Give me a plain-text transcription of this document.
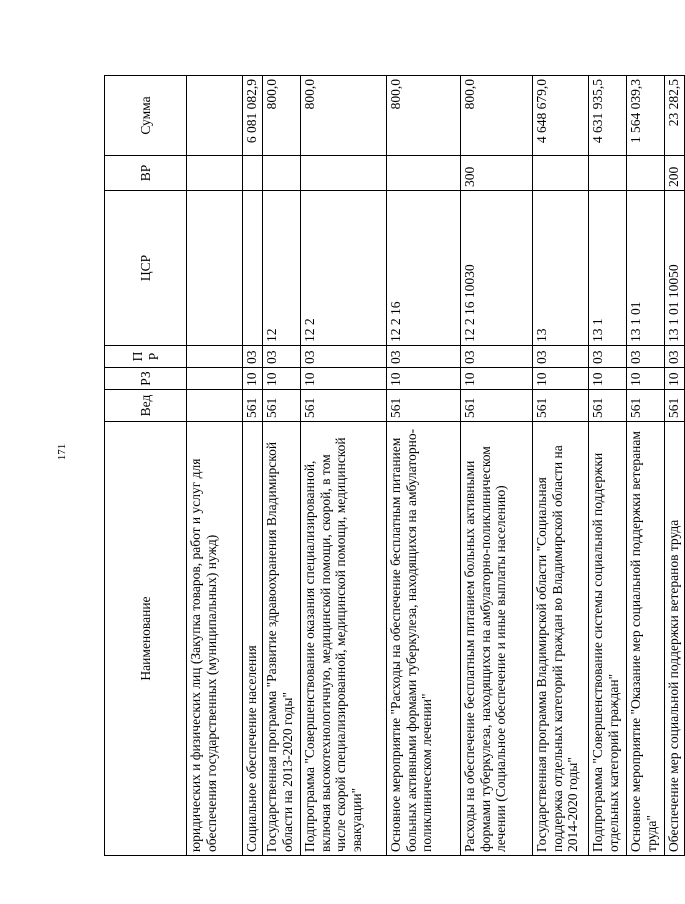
171
Наименование	Вед	РЗ	ПР	ЦСР	ВР	Сумма
юридических и физических лиц (Закупка товаров, работ и услуг для обеспечения государственных (муниципальных) нужд)						
Социальное обеспечение населения	561	10	03			6 081 082,9
Государственная программа "Развитие здравоохранения Владимирской области на 2013-2020 годы"	561	10	03	12		800,0
Подпрограмма "Совершенствование оказания специализированной, включая высокотехнологичную, медицинской помощи, скорой, в том числе скорой специализированной, медицинской помощи, медицинской эвакуации"	561	10	03	12 2		800,0
Основное мероприятие "Расходы на обеспечение бесплатным питанием больных активными формами туберкулеза, находящихся на амбулаторно-поликлиническом лечении"	561	10	03	12 2 16		800,0
Расходы на обеспечение бесплатным питанием больных активными формами туберкулеза, находящихся на амбулаторно-поликлиническом лечении (Социальное обеспечение и иные выплаты населению)	561	10	03	12 2 16 10030	300	800,0
Государственная программа Владимирской области "Социальная поддержка отдельных категорий граждан во Владимирской области на 2014-2020 годы"	561	10	03	13		4 648 679,0
Подпрограмма "Совершенствование системы социальной поддержки отдельных категорий граждан"	561	10	03	13 1		4 631 935,5
Основное мероприятие "Оказание мер социальной поддержки ветеранам труда"	561	10	03	13 1 01		1 564 039,3
Обеспечение мер социальной поддержки ветеранов труда	561	10	03	13 1 01 10050	200	23 282,5
